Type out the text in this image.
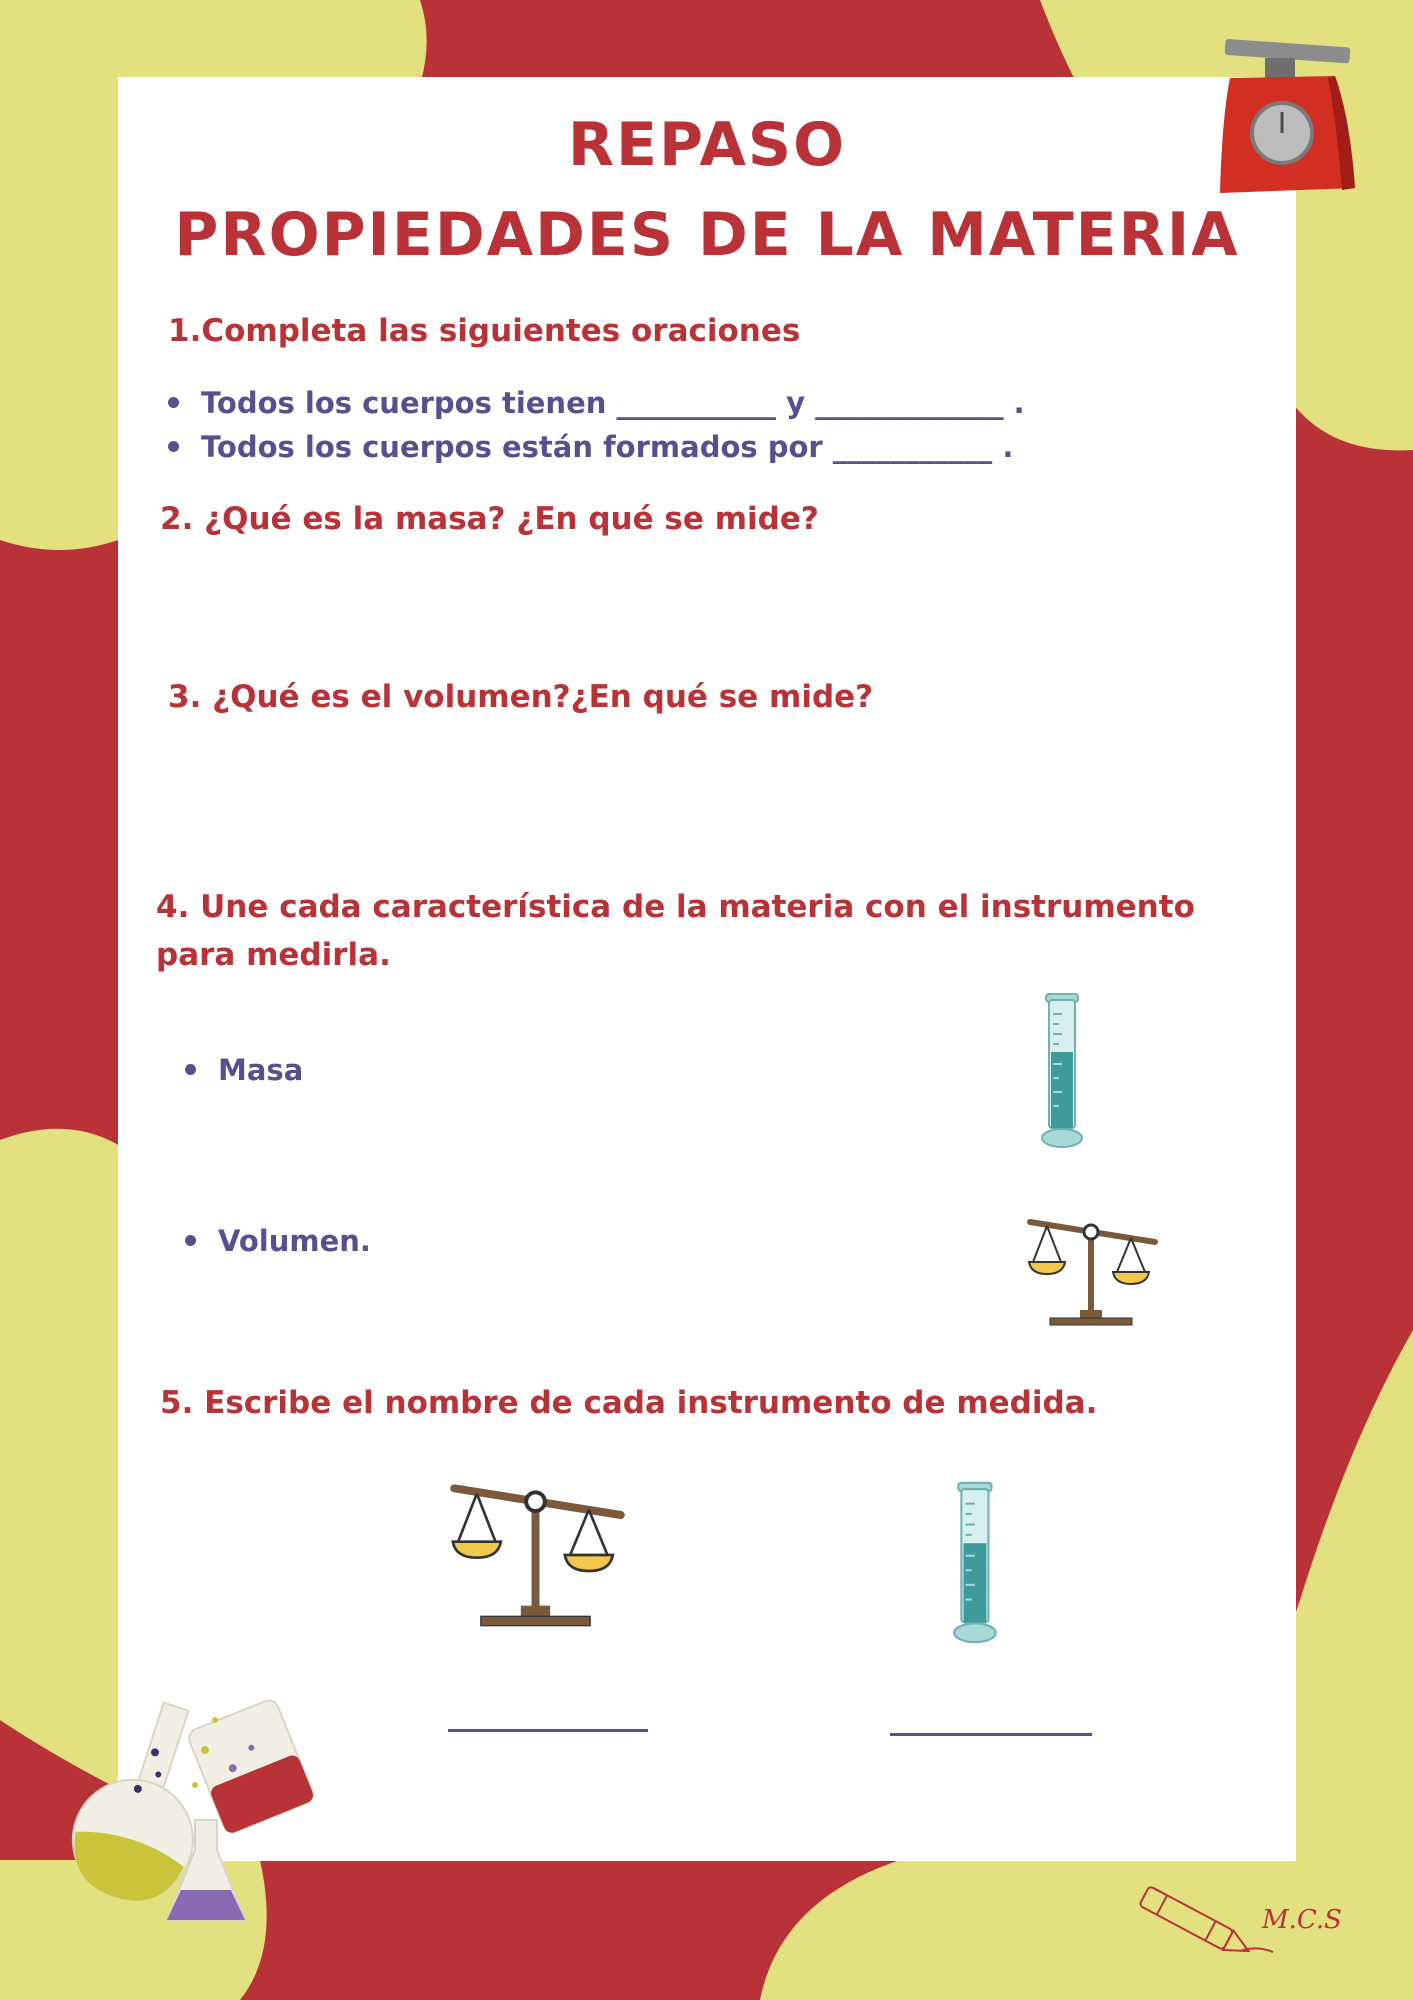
REPASO
PROPIEDADES DE LA MATERIA
1.Completa las siguientes oraciones
Todos los cuerpos tienen ___________ y _____________ .
Todos los cuerpos están formados por ___________ .
2. ¿Qué es la masa? ¿En qué se mide?
3. ¿Qué es el volumen?¿En qué se mide?
4. Une cada característica de la materia con el instrumento
para medirla.
Masa
Volumen.
5. Escribe el nombre de cada instrumento de medida.
M.C.S
